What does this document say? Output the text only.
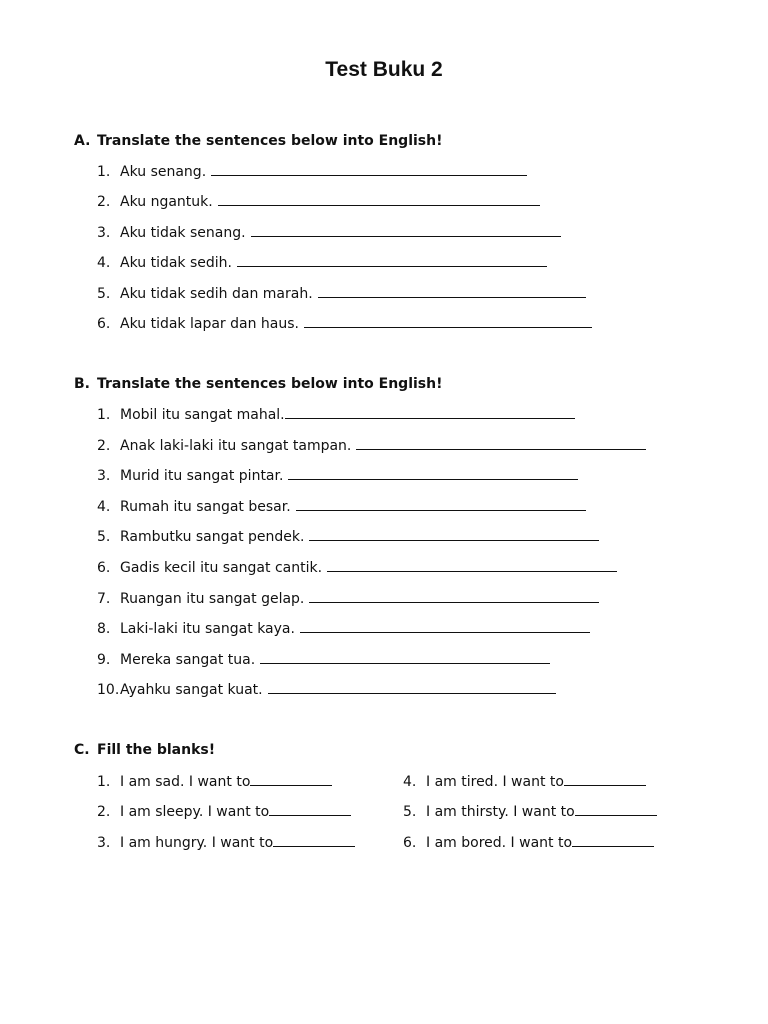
Test Buku 2
A. Translate the sentences below into English!
1. Aku senang.
2. Aku ngantuk.
3. Aku tidak senang.
4. Aku tidak sedih.
5. Aku tidak sedih dan marah.
6. Aku tidak lapar dan haus.
B. Translate the sentences below into English!
1. Mobil itu sangat mahal.
2. Anak laki-laki itu sangat tampan.
3. Murid itu sangat pintar.
4. Rumah itu sangat besar.
5. Rambutku sangat pendek.
6. Gadis kecil itu sangat cantik.
7. Ruangan itu sangat gelap.
8. Laki-laki itu sangat kaya.
9. Mereka sangat tua.
10.Ayahku sangat kuat.
C. Fill the blanks!
1. I am sad. I want to
2. I am sleepy. I want to
3. I am hungry. I want to
4. I am tired. I want to
5. I am thirsty. I want to
6. I am bored. I want to
